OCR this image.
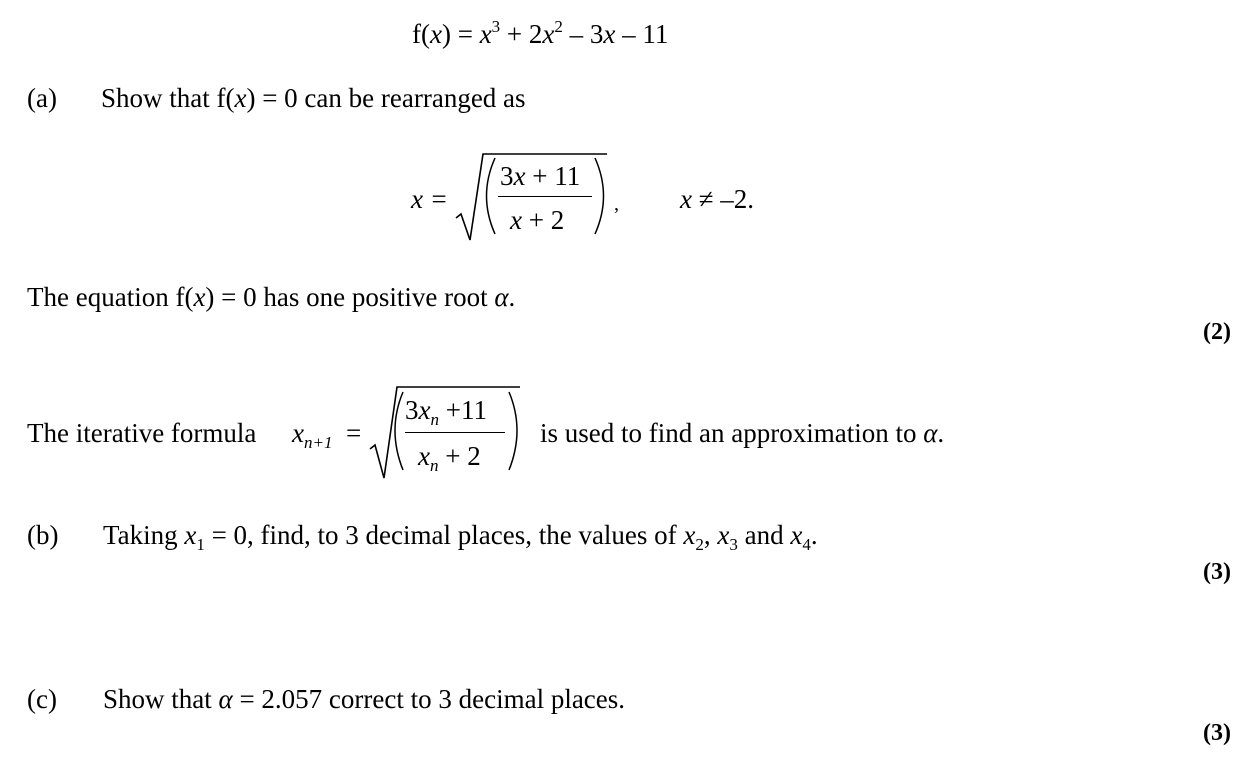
$f(x) = x^3 + 2x^2 - 3x - 11$
(a) Show that f(x) = 0 can be rearranged as
x =
3x + 11
x + 2
, x ≠ –2.
The equation f(x) = 0 has one positive root α.
(2)
The iterative formula $x_{n+1}$ =
$3x_n +11$
$x_n + 2$
is used to find an approximation to α.
(b) Taking $x_1 = 0$, find, to 3 decimal places, the values of $x_2$, $x_3$ and $x_4$.
(3)
(c) Show that α = 2.057 correct to 3 decimal places.
(3)
